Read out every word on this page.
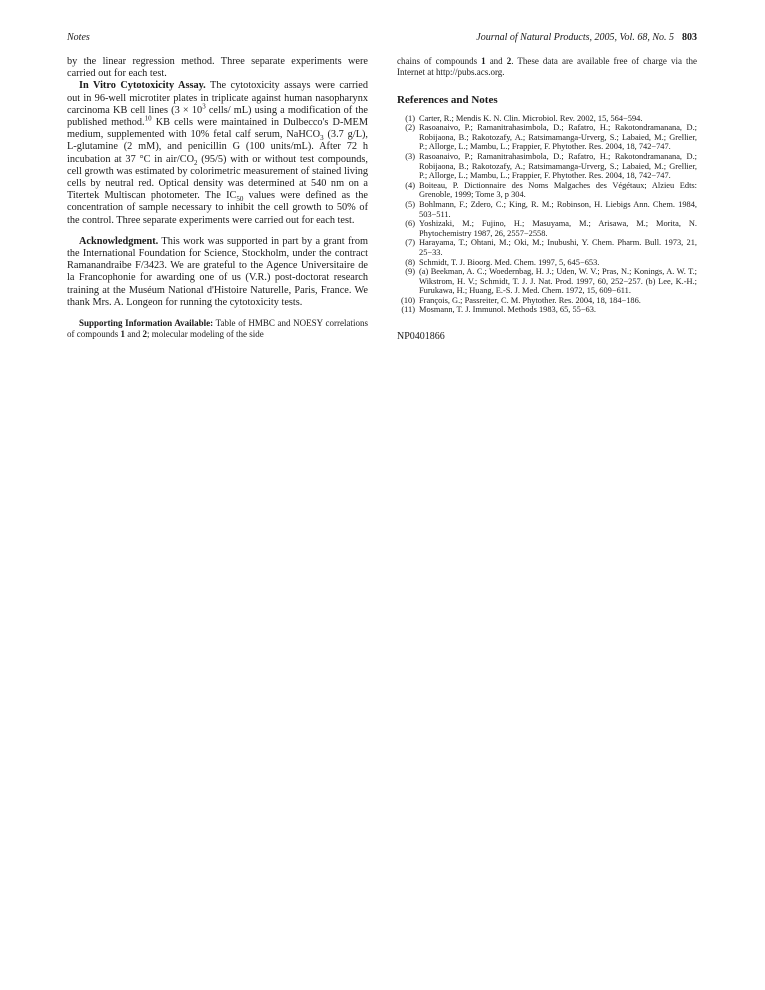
Notes	Journal of Natural Products, 2005, Vol. 68, No. 5 803

by the linear regression method. Three separate experiments were carried out for each test.

In Vitro Cytotoxicity Assay. The cytotoxicity assays were carried out in 96-well microtiter plates in triplicate against human nasopharynx carcinoma KB cell lines ($3 \times 10^3$ cells/ mL) using a modification of the published method.$^{10}$ KB cells were maintained in Dulbecco's D-MEM medium, supplemented with 10% fetal calf serum, NaHCO$_3$ (3.7 g/L), L-glutamine (2 mM), and penicillin G (100 units/mL). After 72 h incubation at 37 °C in air/$CO_2$ (95/5) with or without test compounds, cell growth was estimated by colorimetric measurement of stained living cells by neutral red. Optical density was determined at 540 nm on a Titertek Multiscan photometer. The $IC_{50}$ values were defined as the concentration of sample necessary to inhibit the cell growth to 50% of the control. Three separate experiments were carried out for each test.

Acknowledgment. This work was supported in part by a grant from the International Foundation for Science, Stockholm, under the contract Ramanandraibe F/3423. We are grateful to the Agence Universitaire de la Francophonie for awarding one of us (V.R.) post-doctorat research training at the Muséum National d'Histoire Naturelle, Paris, France. We thank Mrs. A. Longeon for running the cytotoxicity tests.

Supporting Information Available: Table of HMBC and NOESY correlations of compounds 1 and 2; molecular modeling of the side

chains of compounds 1 and 2. These data are available free of charge via the Internet at http://pubs.acs.org.

References and Notes
(1) Carter, R.; Mendis K. N. Clin. Microbiol. Rev. 2002, 15, 564−594.
(2) Rasoanaivo, P.; Ramanitrahasimbola, D.; Rafatro, H.; Rakotondramanana, D.; Robijaona, B.; Rakotozafy, A.; Ratsimamanga-Urverg, S.; Labaied, M.; Grellier, P.; Allorge, L.; Mambu, L.; Frappier, F. Phytother. Res. 2004, 18, 742−747.
(3) Rasoanaivo, P.; Ramanitrahasimbola, D.; Rafatro, H.; Rakotondramanana, D.; Robijaona, B.; Rakotozafy, A.; Ratsimamanga-Urverg, S.; Labaied, M.; Grellier, P.; Allorge, L.; Mambu, L.; Frappier, F. Phytother. Res. 2004, 18, 742−747.
(4) Boiteau, P. Dictionnaire des Noms Malgaches des Végétaux; Alzieu Edts: Grenoble, 1999; Tome 3, p 304.
(5) Bohlmann, F.; Zdero, C.; King, R. M.; Robinson, H. Liebigs Ann. Chem. 1984, 503−511.
(6) Yoshizaki, M.; Fujino, H.; Masuyama, M.; Arisawa, M.; Morita, N. Phytochemistry 1987, 26, 2557−2558.
(7) Harayama, T.; Ohtani, M.; Oki, M.; Inubushi, Y. Chem. Pharm. Bull. 1973, 21, 25−33.
(8) Schmidt, T. J. Bioorg. Med. Chem. 1997, 5, 645−653.
(9) (a) Beekman, A. C.; Woedernbag, H. J.; Uden, W. V.; Pras, N.; Konings, A. W. T.; Wikstrom, H. V.; Schmidt, T. J. J. Nat. Prod. 1997, 60, 252−257. (b) Lee, K.-H.; Furukawa, H.; Huang, E.-S. J. Med. Chem. 1972, 15, 609−611.
(10) François, G.; Passreiter, C. M. Phytother. Res. 2004, 18, 184−186.
(11) Mosmann, T. J. Immunol. Methods 1983, 65, 55−63.
NP0401866
